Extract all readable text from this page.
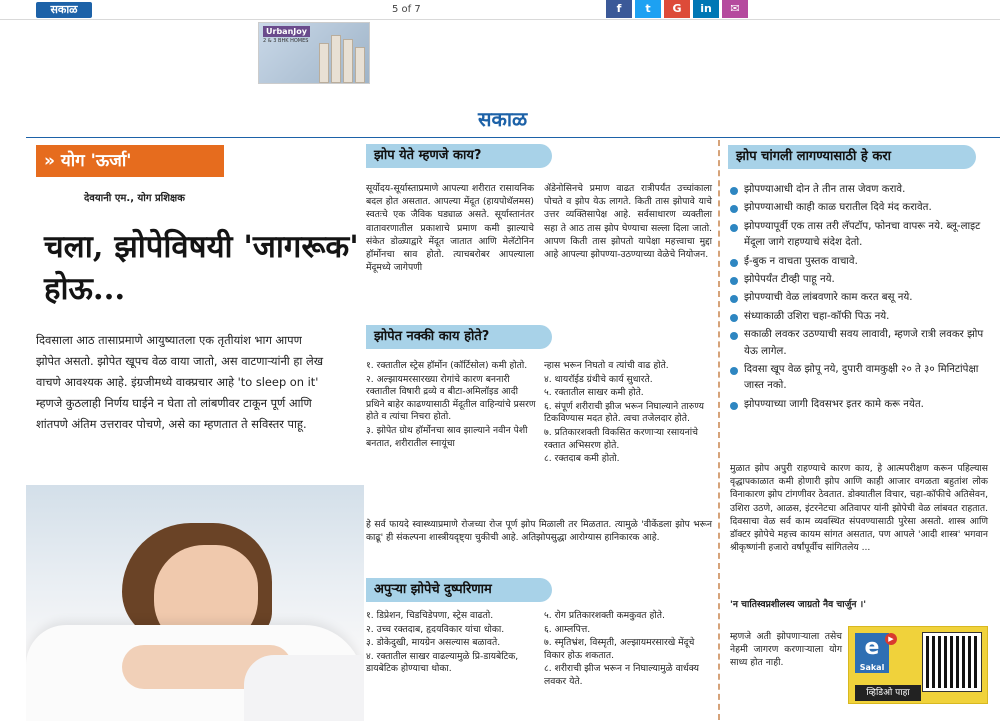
सकाळ	5 of 7	f	t	G	in	✉
UrbanJoy
2 & 3 BHK HOMES
सकाळ
» योग 'ऊर्जा'
देवयानी एम., योग प्रशिक्षक
चला, झोपेविषयी 'जागरूक' होऊ...
दिवसाला आठ तासाप्रमाणे आयुष्यातला एक तृतीयांश भाग आपण झोपेत असतो. झोपेत खूपच वेळ वाया जातो, अस वाटणाऱ्यांनी हा लेख वाचणे आवश्यक आहे. इंग्रजीमध्ये वाक्प्रचार आहे 'to sleep on it' म्हणजे कुठलाही निर्णय घाईने न घेता तो लांबणीवर टाकून पूर्ण आणि शांतपणे अंतिम उत्तरावर पोचणे, असे का म्हणतात ते सविस्तर पाहू.
झोप येते म्हणजे काय?
सूर्योदय-सूर्यास्ताप्रमाणे आपल्या शरीरात रासायनिक बदल होत असतात. आपल्या मेंदूत (हायपोथॅलमस) स्वतःचे एक जैविक घड्याळ असते. सूर्यास्तानंतर वातावरणातील प्रकाशाचे प्रमाण कमी झाल्याचे संकेत डोळ्याद्वारे मेंदूत जातात आणि मेलॅटोनिन हॉर्मोनचा स्राव होतो. त्याचबरोबर आपल्याला मेंदूमध्ये जागेपणी
ॲडेनोसिनचे प्रमाण वाढत रात्रीपर्यंत उच्चांकाला पोचते व झोप येऊ लागते. किती तास झोपावे याचे उत्तर व्यक्तिसापेक्ष आहे. सर्वसाधारण व्यक्तीला सहा ते आठ तास झोप घेण्याचा सल्ला दिला जातो. आपण किती तास झोपतो यापेक्षा महत्त्वाचा मुद्दा आहे आपल्या झोपण्या-उठण्याच्या वेळेचे नियोजन.
झोपेत नक्की काय होते?
१. रक्तातील स्ट्रेस हॉर्मोन (कॉर्टिसोल) कमी होतो.
२. अल्झायमरसारख्या रोगांचे कारण बननारी रक्तातील विषारी द्रव्ये व बीटा-अमिलॉइड आदी प्रथिने बाहेर काढण्यासाठी मेंदूतील वाहिन्यांचे प्रसरण होते व त्यांचा निचरा होतो.
३. झोपेत ग्रोथ हॉर्मोनचा स्राव झाल्याने नवीन पेशी बनतात, शरीरातील स्नायूंचा
न्हास भरून निघतो व त्यांची वाढ होते.
४. थायरॉईड ग्रंथीचे कार्य सुधारते.
५. रक्तातील साखर कमी होते.
६. संपूर्ण शरीराची झीज भरून निघाल्याने तारुण्य टिकविण्यास मदत होते. त्वचा तजेलदार होते.
७. प्रतिकारशक्ती विकसित करणाऱ्या रसायनांचे रक्तात अभिसरण होते.
८. रक्तदाब कमी होतो.
हे सर्व फायदे स्वास्थ्याप्रमाणे रोजच्या रोज पूर्ण झोप मिळाली तर मिळतात. त्यामुळे 'वीकेंडला झोप भरून काढू' ही संकल्पना शास्त्रीयदृष्ट्या चुकीची आहे. अतिझोपसुद्धा आरोग्यास हानिकारक आहे.
अपुऱ्या झोपेचे दुष्परिणाम
१. डिप्रेशन, चिडचिडेपणा, स्ट्रेस वाढतो.
२. उच्च रक्तदाब, हृदयविकार यांचा धोका.
३. डोकेदुखी, मायग्रेन असल्यास बळावते.
४. रक्तातील साखर वाढल्यामुळे प्रि-डायबेटिक, डायबेटिक होण्याचा धोका.
५. रोग प्रतिकारशक्ती कमकुवत होते.
६. आम्लपित्त.
७. स्मृतिभ्रंश, विस्मृती, अल्झायमरसारखे मेंदूचे विकार होऊ शकतात.
८. शरीराची झीज भरून न निघाल्यामुळे वार्धक्य लवकर येते.
झोप चांगली लागण्यासाठी हे करा
झोपण्याआधी दोन ते तीन तास जेवण करावे.
झोपण्याआधी काही काळ घरातील दिवे मंद करावेत.
झोपण्यापूर्वी एक तास तरी लॅपटॉप, फोनचा वापरू नये. ब्लू-लाइट मेंदूला जागे राहण्याचे संदेश देतो.
ई-बुक न वाचता पुस्तक वाचावे.
झोपेपर्यंत टीव्ही पाहू नये.
झोपण्याची वेळ लांबवणारे काम करत बसू नये.
संध्याकाळी उशिरा चहा-कॉफी पिऊ नये.
सकाळी लवकर उठण्याची सवय लावावी, म्हणजे रात्री लवकर झोप येऊ लागेल.
दिवसा खूप वेळ झोपू नये, दुपारी वामकुक्षी २० ते ३० मिनिटांपेक्षा जास्त नको.
झोपण्याच्या जागी दिवसभर इतर कामे करू नयेत.
मुळात झोप अपुरी राहण्याचे कारण काय, हे आत्मपरीक्षण करून पहिल्यास वृद्धापकाळात कमी होणारी झोप आणि काही आजार वगळता बहुतांश लोक विनाकारण झोप टांगणीवर ठेवतात. डोक्यातील विचार, चहा-कॉफीचे अतिसेवन, उशिरा उठणे, आळस, इंटरनेटचा अतिवापर यांनी झोपेची वेळ लांबवत राहतात. दिवसाचा वेळ सर्व काम व्यवस्थित संपवण्यासाठी पुरेसा असतो. शास्त्र आणि डॉक्टर झोपेचे महत्त्व कायम सांगत असतात, पण आपले 'आदी शास्त्र' भगवान श्रीकृष्णांनी हजारो वर्षांपूर्वीच सांगितलेय ...
'न चातिस्वप्नशीलस्य जाग्रतो नैव चार्जुन ।'
म्हणजे अती झोपणाऱ्याला तसेच नेहमी जागरण करणाऱ्याला योग साध्य होत नाही.
e	▶
Sakal
व्हिडिओ पाहा
